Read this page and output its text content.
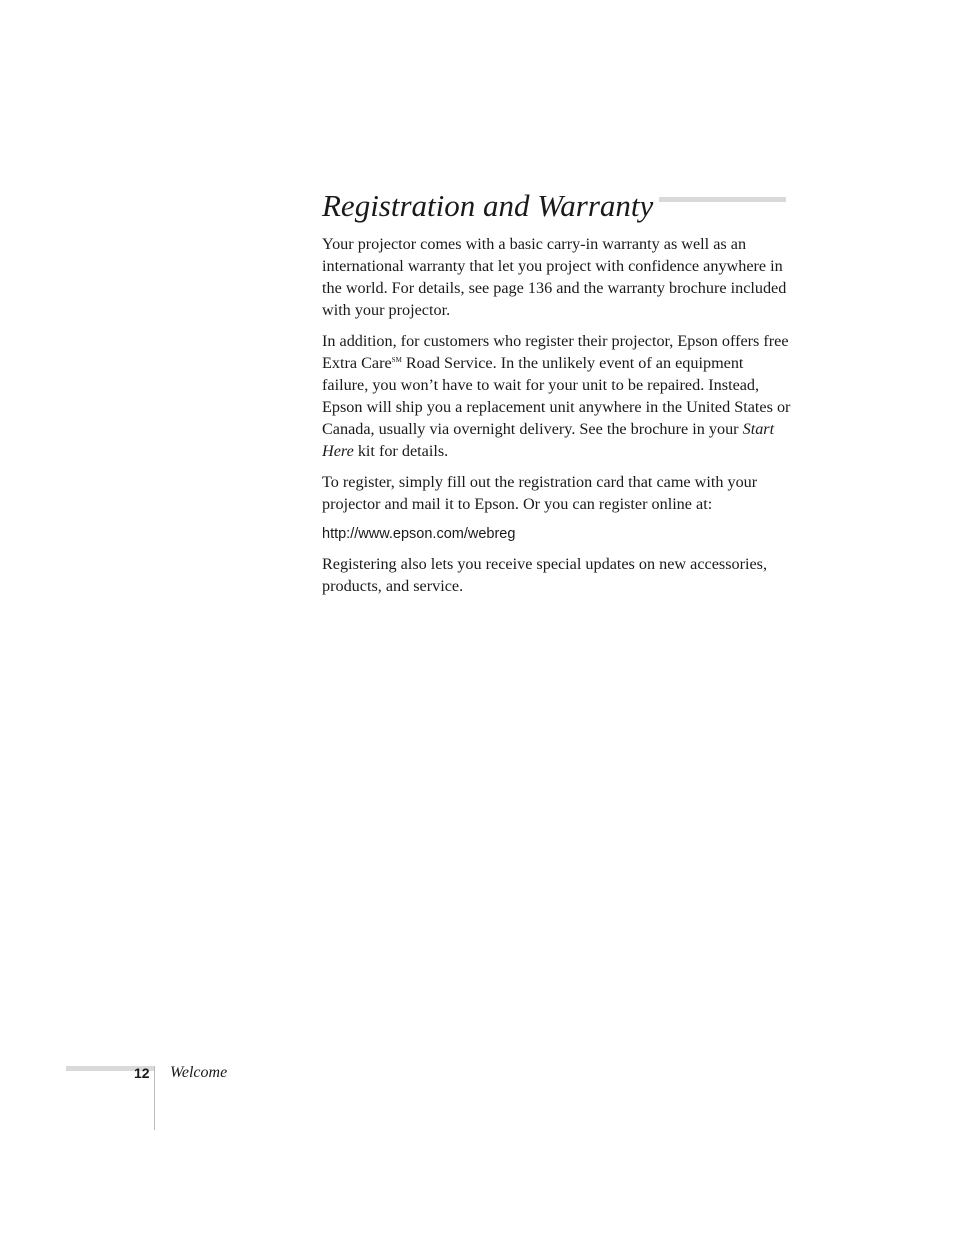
Registration and Warranty

Your projector comes with a basic carry-in warranty as well as an international warranty that let you project with confidence anywhere in the world. For details, see page 136 and the warranty brochure included with your projector.

In addition, for customers who register their projector, Epson offers free Extra Care℠ Road Service. In the unlikely event of an equipment failure, you won’t have to wait for your unit to be repaired. Instead, Epson will ship you a replacement unit anywhere in the United States or Canada, usually via overnight delivery. See the brochure in your Start Here kit for details.

To register, simply fill out the registration card that came with your projector and mail it to Epson. Or you can register online at:

http://www.epson.com/webreg

Registering also lets you receive special updates on new accessories, products, and service.

12 Welcome
